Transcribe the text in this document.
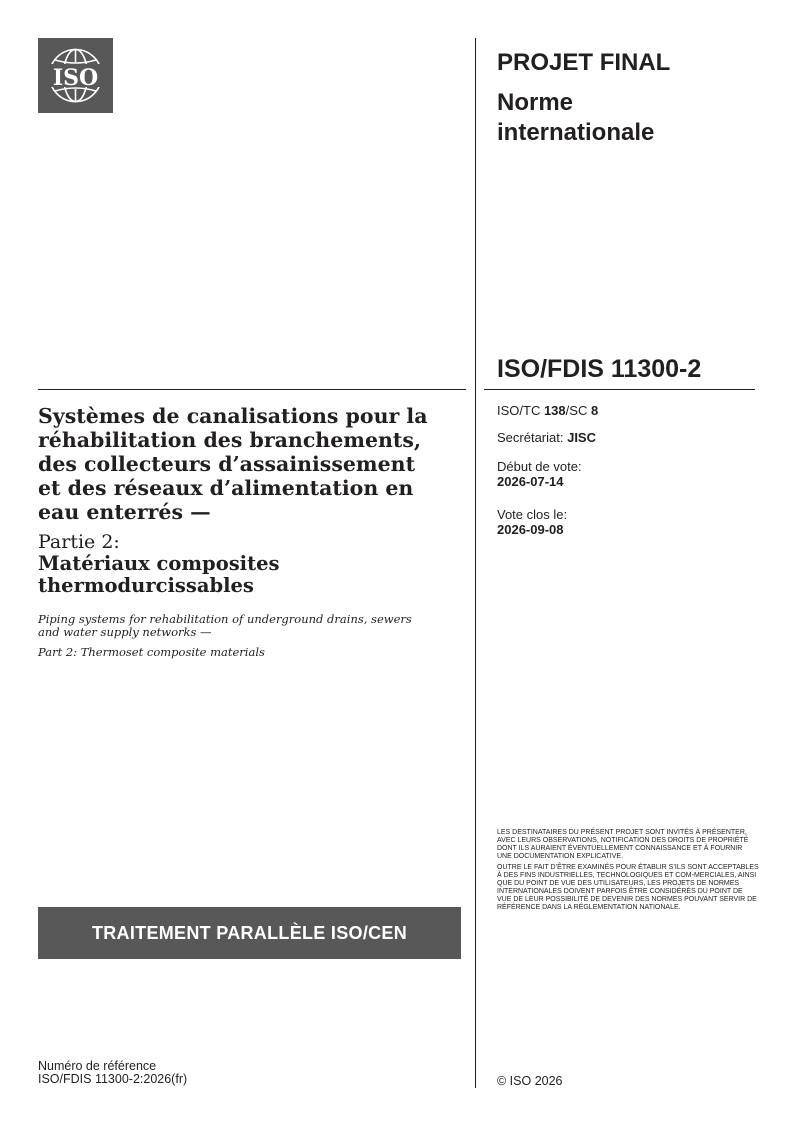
ISO
PROJET FINAL
Norme
internationale
ISO/FDIS 11300-2
ISO/TC 138/SC 8
Secrétariat: JISC
Début de vote:
2026-07-14
Vote clos le:
2026-09-08

Systèmes de canalisations pour la réhabilitation des branchements, des collecteurs d’assainissement et des réseaux d’alimentation en eau enterrés —

Partie 2:
Matériaux composites thermodurcissables
Piping systems for rehabilitation of underground drains, sewers and water supply networks —
Part 2: Thermoset composite materials

LES DESTINATAIRES DU PRÉSENT PROJET SONT INVITÉS À PRÉSENTER, AVEC LEURS OBSERVATIONS, NOTIFICATION DES DROITS DE PROPRIÉTÉ DONT ILS AURAIENT ÉVENTUELLEMENT CONNAISSANCE ET À FOURNIR UNE DOCUMENTATION EXPLICATIVE.

OUTRE LE FAIT D’ÊTRE EXAMINÉS POUR ÉTABLIR S’ILS SONT ACCEPTABLES À DES FINS INDUSTRIELLES, TECHNOLOGIQUES ET COM-MERCIALES, AINSI QUE DU POINT DE VUE DES UTILISATEURS, LES PROJETS DE NORMES INTERNATIONALES DOIVENT PARFOIS ÊTRE CONSIDÉRÉS DU POINT DE VUE DE LEUR POSSIBILITÉ DE DEVENIR DES NORMES POUVANT SERVIR DE RÉFÉRENCE DANS LA RÉGLEMENTATION NATIONALE.

TRAITEMENT PARALLÈLE ISO/CEN
Numéro de référence
ISO/FDIS 11300-2:2026(fr)	© ISO 2026
